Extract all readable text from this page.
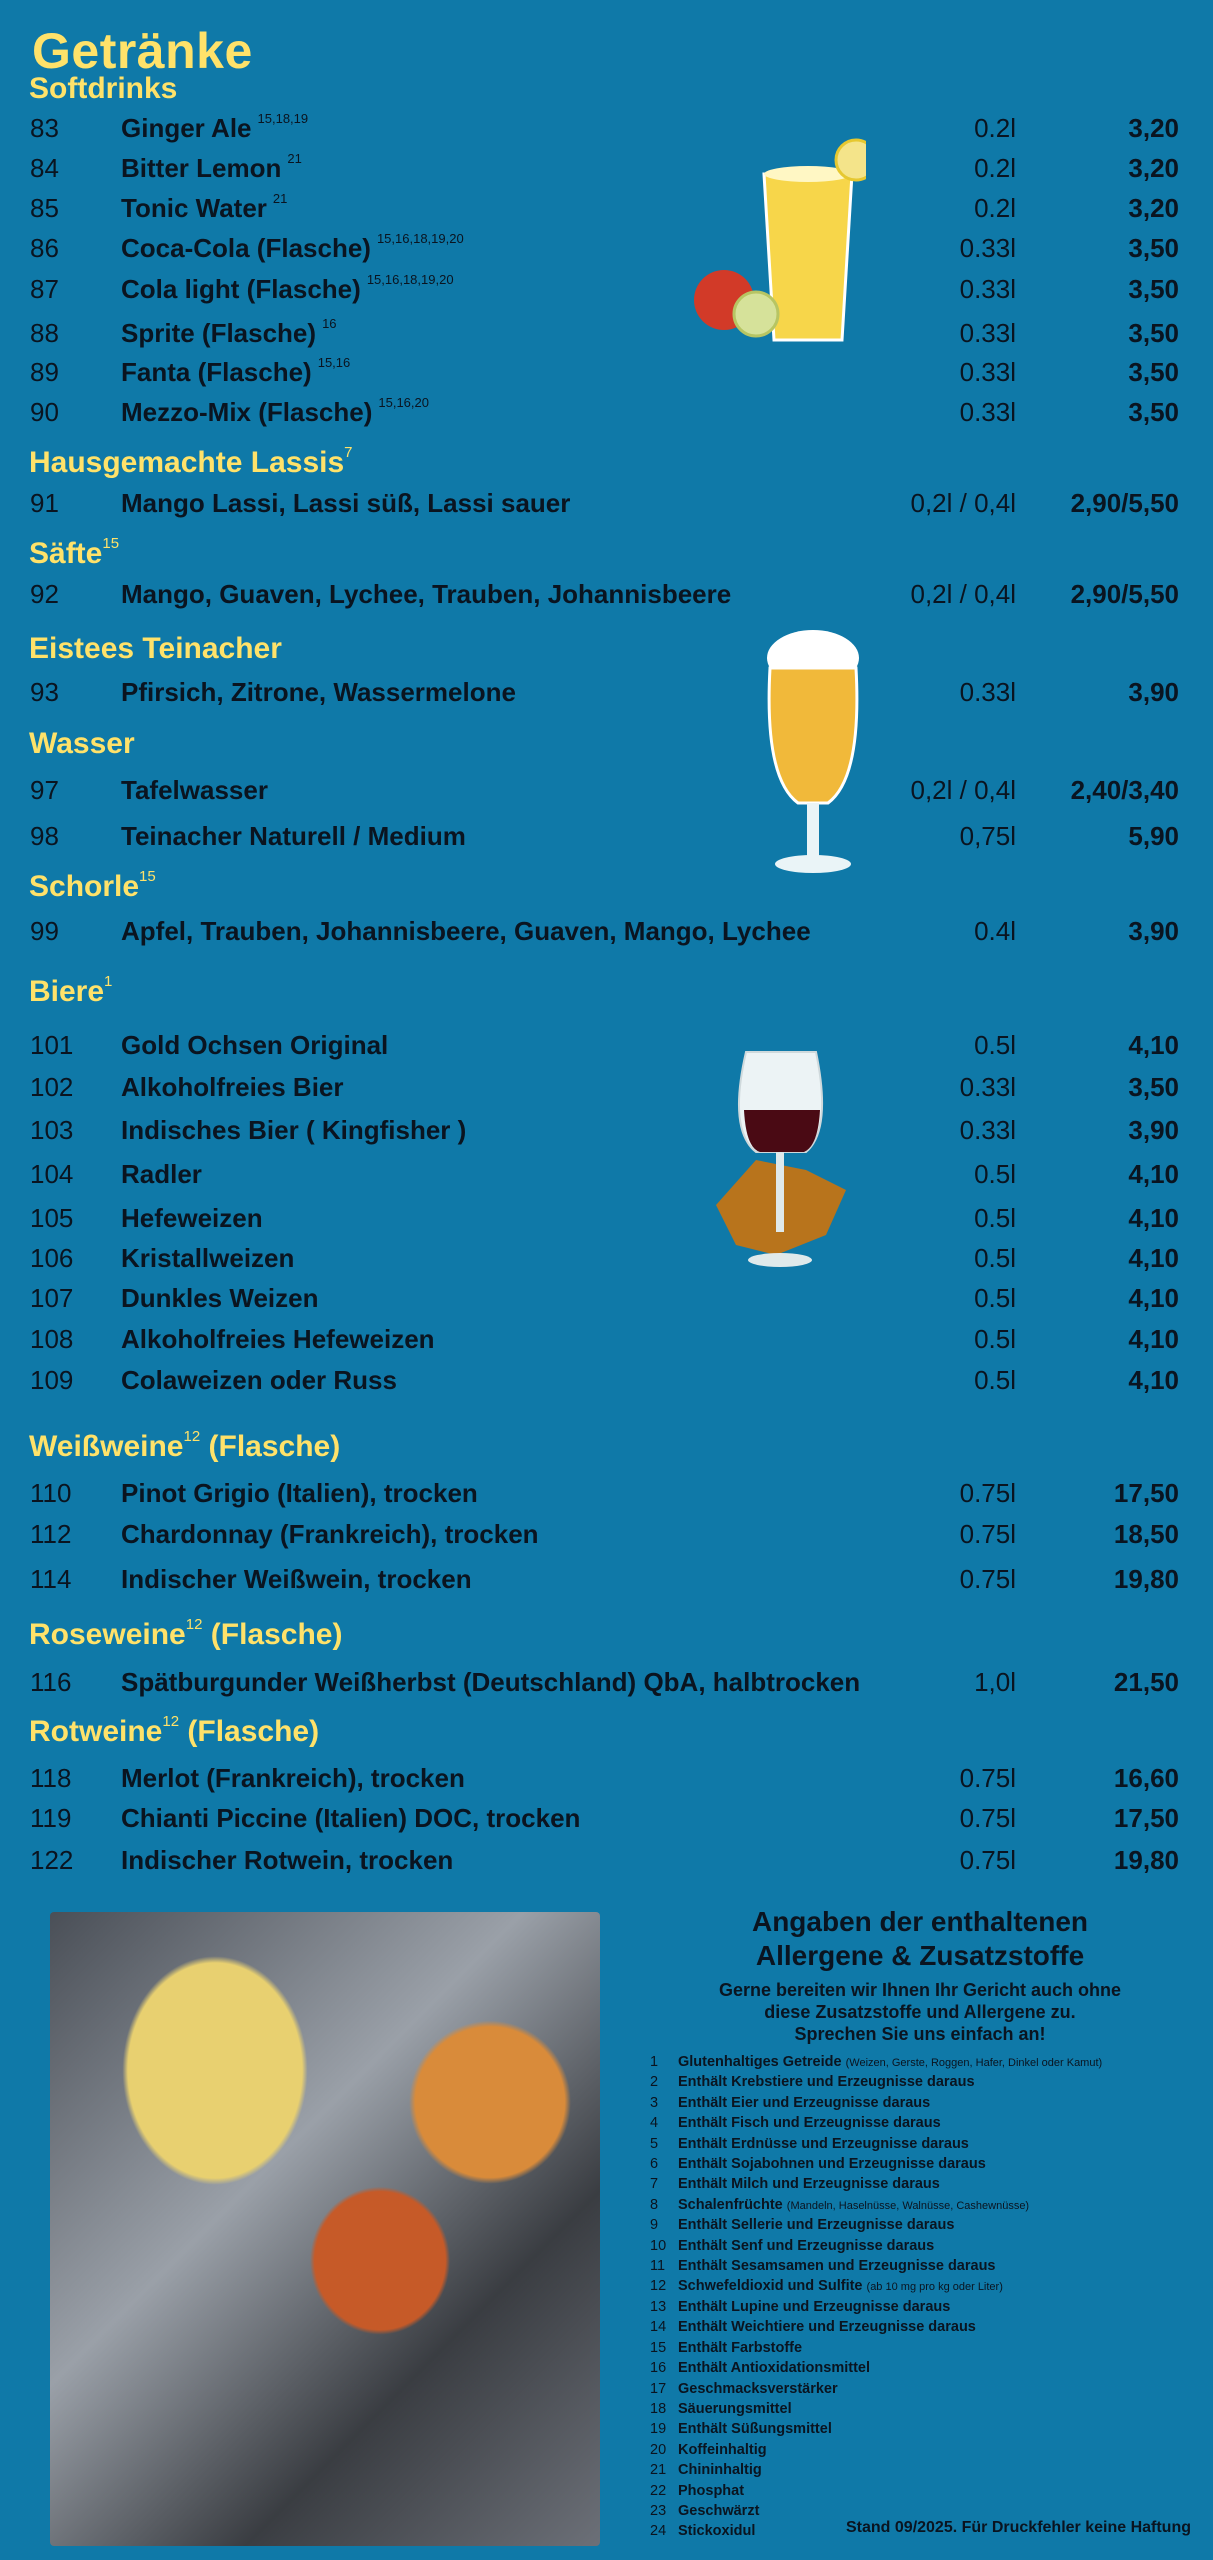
Getränke
Softdrinks
Hausgemachte Lassis$^7$
Säfte$^{15}$
Eistees Teinacher
Wasser
Schorle$^{15}$
Biere$^1$
Weißweine$^{12}$ (Flasche)
Roseweine$^{12}$ (Flasche)
Rotweine$^{12}$ (Flasche)
83 Ginger Ale $^{15,18,19}$	0.2l	3,20
84 Bitter Lemon $^{21}$	0.2l	3,20
85 Tonic Water $^{21}$	0.2l	3,20
86 Coca-Cola (Flasche) $^{15,16,18,19,20}$	0.33l	3,50
87 Cola light (Flasche) $^{15,16,18,19,20}$	0.33l	3,50
88 Sprite (Flasche) $^{16}$	0.33l	3,50
89 Fanta (Flasche) $^{15,16}$	0.33l	3,50
90 Mezzo-Mix (Flasche) $^{15,16,20}$	0.33l	3,50
91 Mango Lassi, Lassi süß, Lassi sauer	0,2l / 0,4l 2,90/5,50
92 Mango, Guaven, Lychee, Trauben, Johannisbeere	0,2l / 0,4l 2,90/5,50
93 Pfirsich, Zitrone, Wassermelone	0.33l	3,90
97 Tafelwasser	0,2l / 0,4l 2,40/3,40
98 Teinacher Naturell / Medium	0,75l	5,90
99 Apfel, Trauben, Johannisbeere, Guaven, Mango, Lychee	0.4l	3,90
101 Gold Ochsen Original	0.5l	4,10
102 Alkoholfreies Bier	0.33l	3,50
103 Indisches Bier ( Kingfisher )	0.33l	3,90
104 Radler	0.5l	4,10
105 Hefeweizen	0.5l	4,10
106 Kristallweizen	0.5l	4,10
107 Dunkles Weizen	0.5l	4,10
108 Alkoholfreies Hefeweizen	0.5l	4,10
109 Colaweizen oder Russ	0.5l	4,10
110 Pinot Grigio (Italien), trocken	0.75l	17,50
112 Chardonnay (Frankreich), trocken	0.75l	18,50
114 Indischer Weißwein, trocken	0.75l	19,80
116 Spätburgunder Weißherbst (Deutschland) QbA, halbtrocken	1,0l	21,50
118 Merlot (Frankreich), trocken	0.75l	16,60
119 Chianti Piccine (Italien) DOC, trocken	0.75l	17,50
122 Indischer Rotwein, trocken	0.75l	19,80
Angaben der enthaltenen
Allergene & Zusatzstoffe
Gerne bereiten wir Ihnen Ihr Gericht auch ohne
diese Zusatzstoffe und Allergene zu.
Sprechen Sie uns einfach an!
1 Glutenhaltiges Getreide (Weizen, Gerste, Roggen, Hafer, Dinkel oder Kamut)
2 Enthält Krebstiere und Erzeugnisse daraus
3 Enthält Eier und Erzeugnisse daraus
4 Enthält Fisch und Erzeugnisse daraus
5 Enthält Erdnüsse und Erzeugnisse daraus
6 Enthält Sojabohnen und Erzeugnisse daraus
7 Enthält Milch und Erzeugnisse daraus
8 Schalenfrüchte (Mandeln, Haselnüsse, Walnüsse, Cashewnüsse)
9 Enthält Sellerie und Erzeugnisse daraus
10 Enthält Senf und Erzeugnisse daraus
11 Enthält Sesamsamen und Erzeugnisse daraus
12 Schwefeldioxid und Sulfite (ab 10 mg pro kg oder Liter)
13 Enthält Lupine und Erzeugnisse daraus
14 Enthält Weichtiere und Erzeugnisse daraus
15 Enthält Farbstoffe
16 Enthält Antioxidationsmittel
17 Geschmacksverstärker
18 Säuerungsmittel
19 Enthält Süßungsmittel
20 Koffeinhaltig
21 Chininhaltig
22 Phosphat
23 Geschwärzt
24 Stickoxidul	Stand 09/2025. Für Druckfehler keine Haftung
